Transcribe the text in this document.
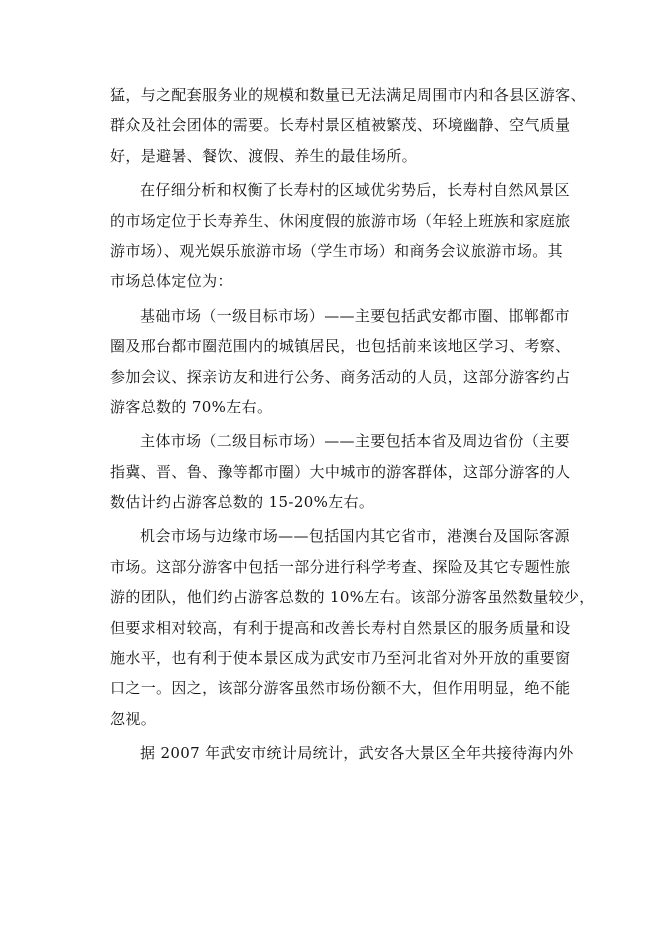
猛，与之配套服务业的规模和数量已无法满足周围市内和各县区游客、
群众及社会团体的需要。长寿村景区植被繁茂、环境幽静、空气质量
好，是避暑、餐饮、渡假、养生的最佳场所。
在仔细分析和权衡了长寿村的区域优劣势后，长寿村自然风景区
的市场定位于长寿养生、休闲度假的旅游市场（年轻上班族和家庭旅
游市场）、观光娱乐旅游市场（学生市场）和商务会议旅游市场。其
市场总体定位为：
基础市场（一级目标市场）——主要包括武安都市圈、邯郸都市
圈及邢台都市圈范围内的城镇居民，也包括前来该地区学习、考察、
参加会议、探亲访友和进行公务、商务活动的人员，这部分游客约占
游客总数的 70%左右。
主体市场（二级目标市场）——主要包括本省及周边省份（主要
指冀、晋、鲁、豫等都市圈）大中城市的游客群体，这部分游客的人
数估计约占游客总数的 15-20%左右。
机会市场与边缘市场——包括国内其它省市，港澳台及国际客源
市场。这部分游客中包括一部分进行科学考查、探险及其它专题性旅
游的团队，他们约占游客总数的 10%左右。该部分游客虽然数量较少，
但要求相对较高，有利于提高和改善长寿村自然景区的服务质量和设
施水平，也有利于使本景区成为武安市乃至河北省对外开放的重要窗
口之一。因之，该部分游客虽然市场份额不大，但作用明显，绝不能
忽视。
据 2007 年武安市统计局统计，武安各大景区全年共接待海内外
